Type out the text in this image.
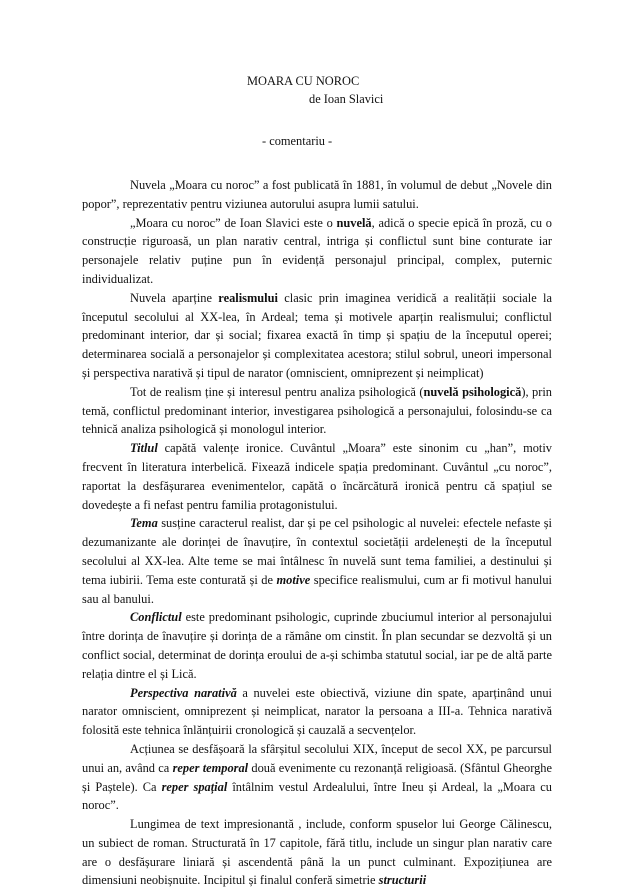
MOARA CU NOROC
de Ioan Slavici
- comentariu -

Nuvela „Moara cu noroc” a fost publicată în 1881, în volumul de debut „Novele din popor”, reprezentativ pentru viziunea autorului asupra lumii satului.

„Moara cu noroc” de Ioan Slavici este o nuvelă, adică o specie epică în proză, cu o construcție riguroasă, un plan narativ central, intriga și conflictul sunt bine conturate iar personajele relativ puține pun în evidență personajul principal, complex, puternic individualizat.

Nuvela aparține realismului clasic prin imaginea veridică a realității sociale la începutul secolului al XX-lea, în Ardeal; tema și motivele aparțin realismului; conflictul predominant interior, dar și social; fixarea exactă în timp și spațiu de la începutul operei; determinarea socială a personajelor și complexitatea acestora; stilul sobrul, uneori impersonal și perspectiva narativă și tipul de narator (omniscient, omniprezent și neimplicat)

Tot de realism ține și interesul pentru analiza psihologică (nuvelă psihologică), prin temă, conflictul predominant interior, investigarea psihologică a personajului, folosindu-se ca tehnică analiza psihologică și monologul interior.

Titlul capătă valențe ironice. Cuvântul „Moara” este sinonim cu „han”, motiv frecvent în literatura interbelică. Fixează indicele spația predominant. Cuvântul „cu noroc”, raportat la desfășurarea evenimentelor, capătă o încărcătură ironică pentru că spațiul se dovedește a fi nefast pentru familia protagonistului.

Tema susține caracterul realist, dar și pe cel psihologic al nuvelei: efectele nefaste și dezumanizante ale dorinței de înavuțire, în contextul societății ardelenești de la începutul secolului al XX-lea. Alte teme se mai întâlnesc în nuvelă sunt tema familiei, a destinului și tema iubirii. Tema este conturată și de motive specifice realismului, cum ar fi motivul hanului sau al banului.

Conflictul este predominant psihologic, cuprinde zbuciumul interior al personajului între dorința de înavuțire și dorința de a rămâne om cinstit. În plan secundar se dezvoltă și un conflict social, determinat de dorința eroului de a-și schimba statutul social, iar pe de altă parte relația dintre el și Lică.

Perspectiva narativă a nuvelei este obiectivă, viziune din spate, aparținând unui narator omniscient, omniprezent și neimplicat, narator la persoana a III-a. Tehnica narativă folosită este tehnica înlănțuirii cronologică și cauzală a secvențelor.

Acțiunea se desfășoară la sfârșitul secolului XIX, început de secol XX, pe parcursul unui an, având ca reper temporal două evenimente cu rezonanță religioasă. (Sfântul Gheorghe și Paștele). Ca reper spațial întâlnim vestul Ardealului, între Ineu și Ardeal, la „Moara cu noroc”.

Lungimea de text impresionantă , include, conform spuselor lui George Călinescu, un subiect de roman. Structurată în 17 capitole, fără titlu, include un singur plan narativ care are o desfășurare liniară și ascendentă până la un punct culminant. Expozițiunea are dimensiuni neobișnuite. Incipitul și finalul conferă simetrie structurii
